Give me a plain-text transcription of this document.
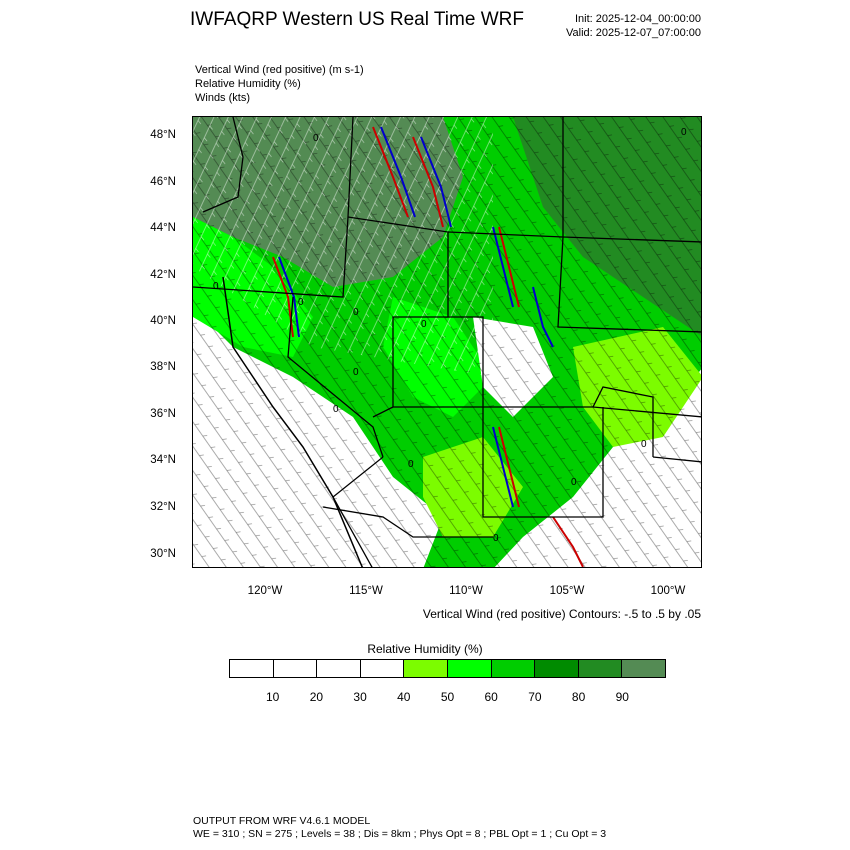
IWFAQRP Western US Real Time WRF	Init: 2025-12-04_00:00:00
Valid: 2025-12-07_07:00:00
Vertical Wind (red positive) (m s-1)
Relative Humidity (%)
Winds (kts)
0
0
0
0
0
0
0
0
0
0
0
0
48°N
46°N
44°N
42°N
40°N
38°N
36°N
34°N
32°N
30°N
120°W	115°W	110°W	105°W	100°W
Vertical Wind (red positive) Contours: -.5 to .5 by .05
Relative Humidity (%)
10	20	30	40	50	60	70	80	90
OUTPUT FROM WRF V4.6.1 MODEL
WE = 310 ; SN = 275 ; Levels = 38 ; Dis = 8km ; Phys Opt = 8 ; PBL Opt = 1 ; Cu Opt = 3
